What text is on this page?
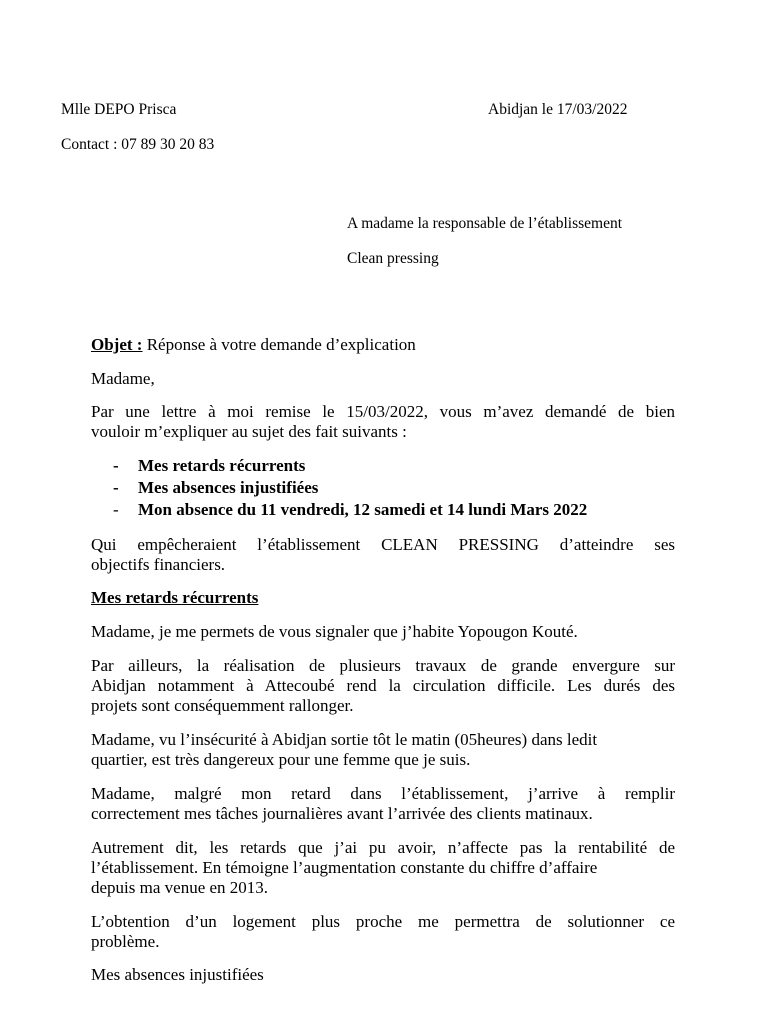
Mlle DEPO Prisca	Abidjan le 17/03/2022
Contact : 07 89 30 20 83
A madame la responsable de l’établissement
Clean pressing
Objet : Réponse à votre demande d’explication
Madame,
Par une lettre à moi remise le 15/03/2022, vous m’avez demandé de bien
vouloir m’expliquer au sujet des fait suivants :
- Mes retards récurrents
- Mes absences injustifiées
- Mon absence du 11 vendredi, 12 samedi et 14 lundi Mars 2022
Qui empêcheraient l’établissement CLEAN PRESSING d’atteindre ses
objectifs financiers.
Mes retards récurrents
Madame, je me permets de vous signaler que j’habite Yopougon Kouté.
Par ailleurs, la réalisation de plusieurs travaux de grande envergure sur
Abidjan notamment à Attecoubé rend la circulation difficile. Les durés des
projets sont conséquemment rallonger.
Madame, vu l’insécurité à Abidjan sortie tôt le matin (05heures) dans ledit
quartier, est très dangereux pour une femme que je suis.
Madame, malgré mon retard dans l’établissement, j’arrive à remplir
correctement mes tâches journalières avant l’arrivée des clients matinaux.
Autrement dit, les retards que j’ai pu avoir, n’affecte pas la rentabilité de
l’établissement. En témoigne l’augmentation constante du chiffre d’affaire
depuis ma venue en 2013.
L’obtention d’un logement plus proche me permettra de solutionner ce
problème.
Mes absences injustifiées
